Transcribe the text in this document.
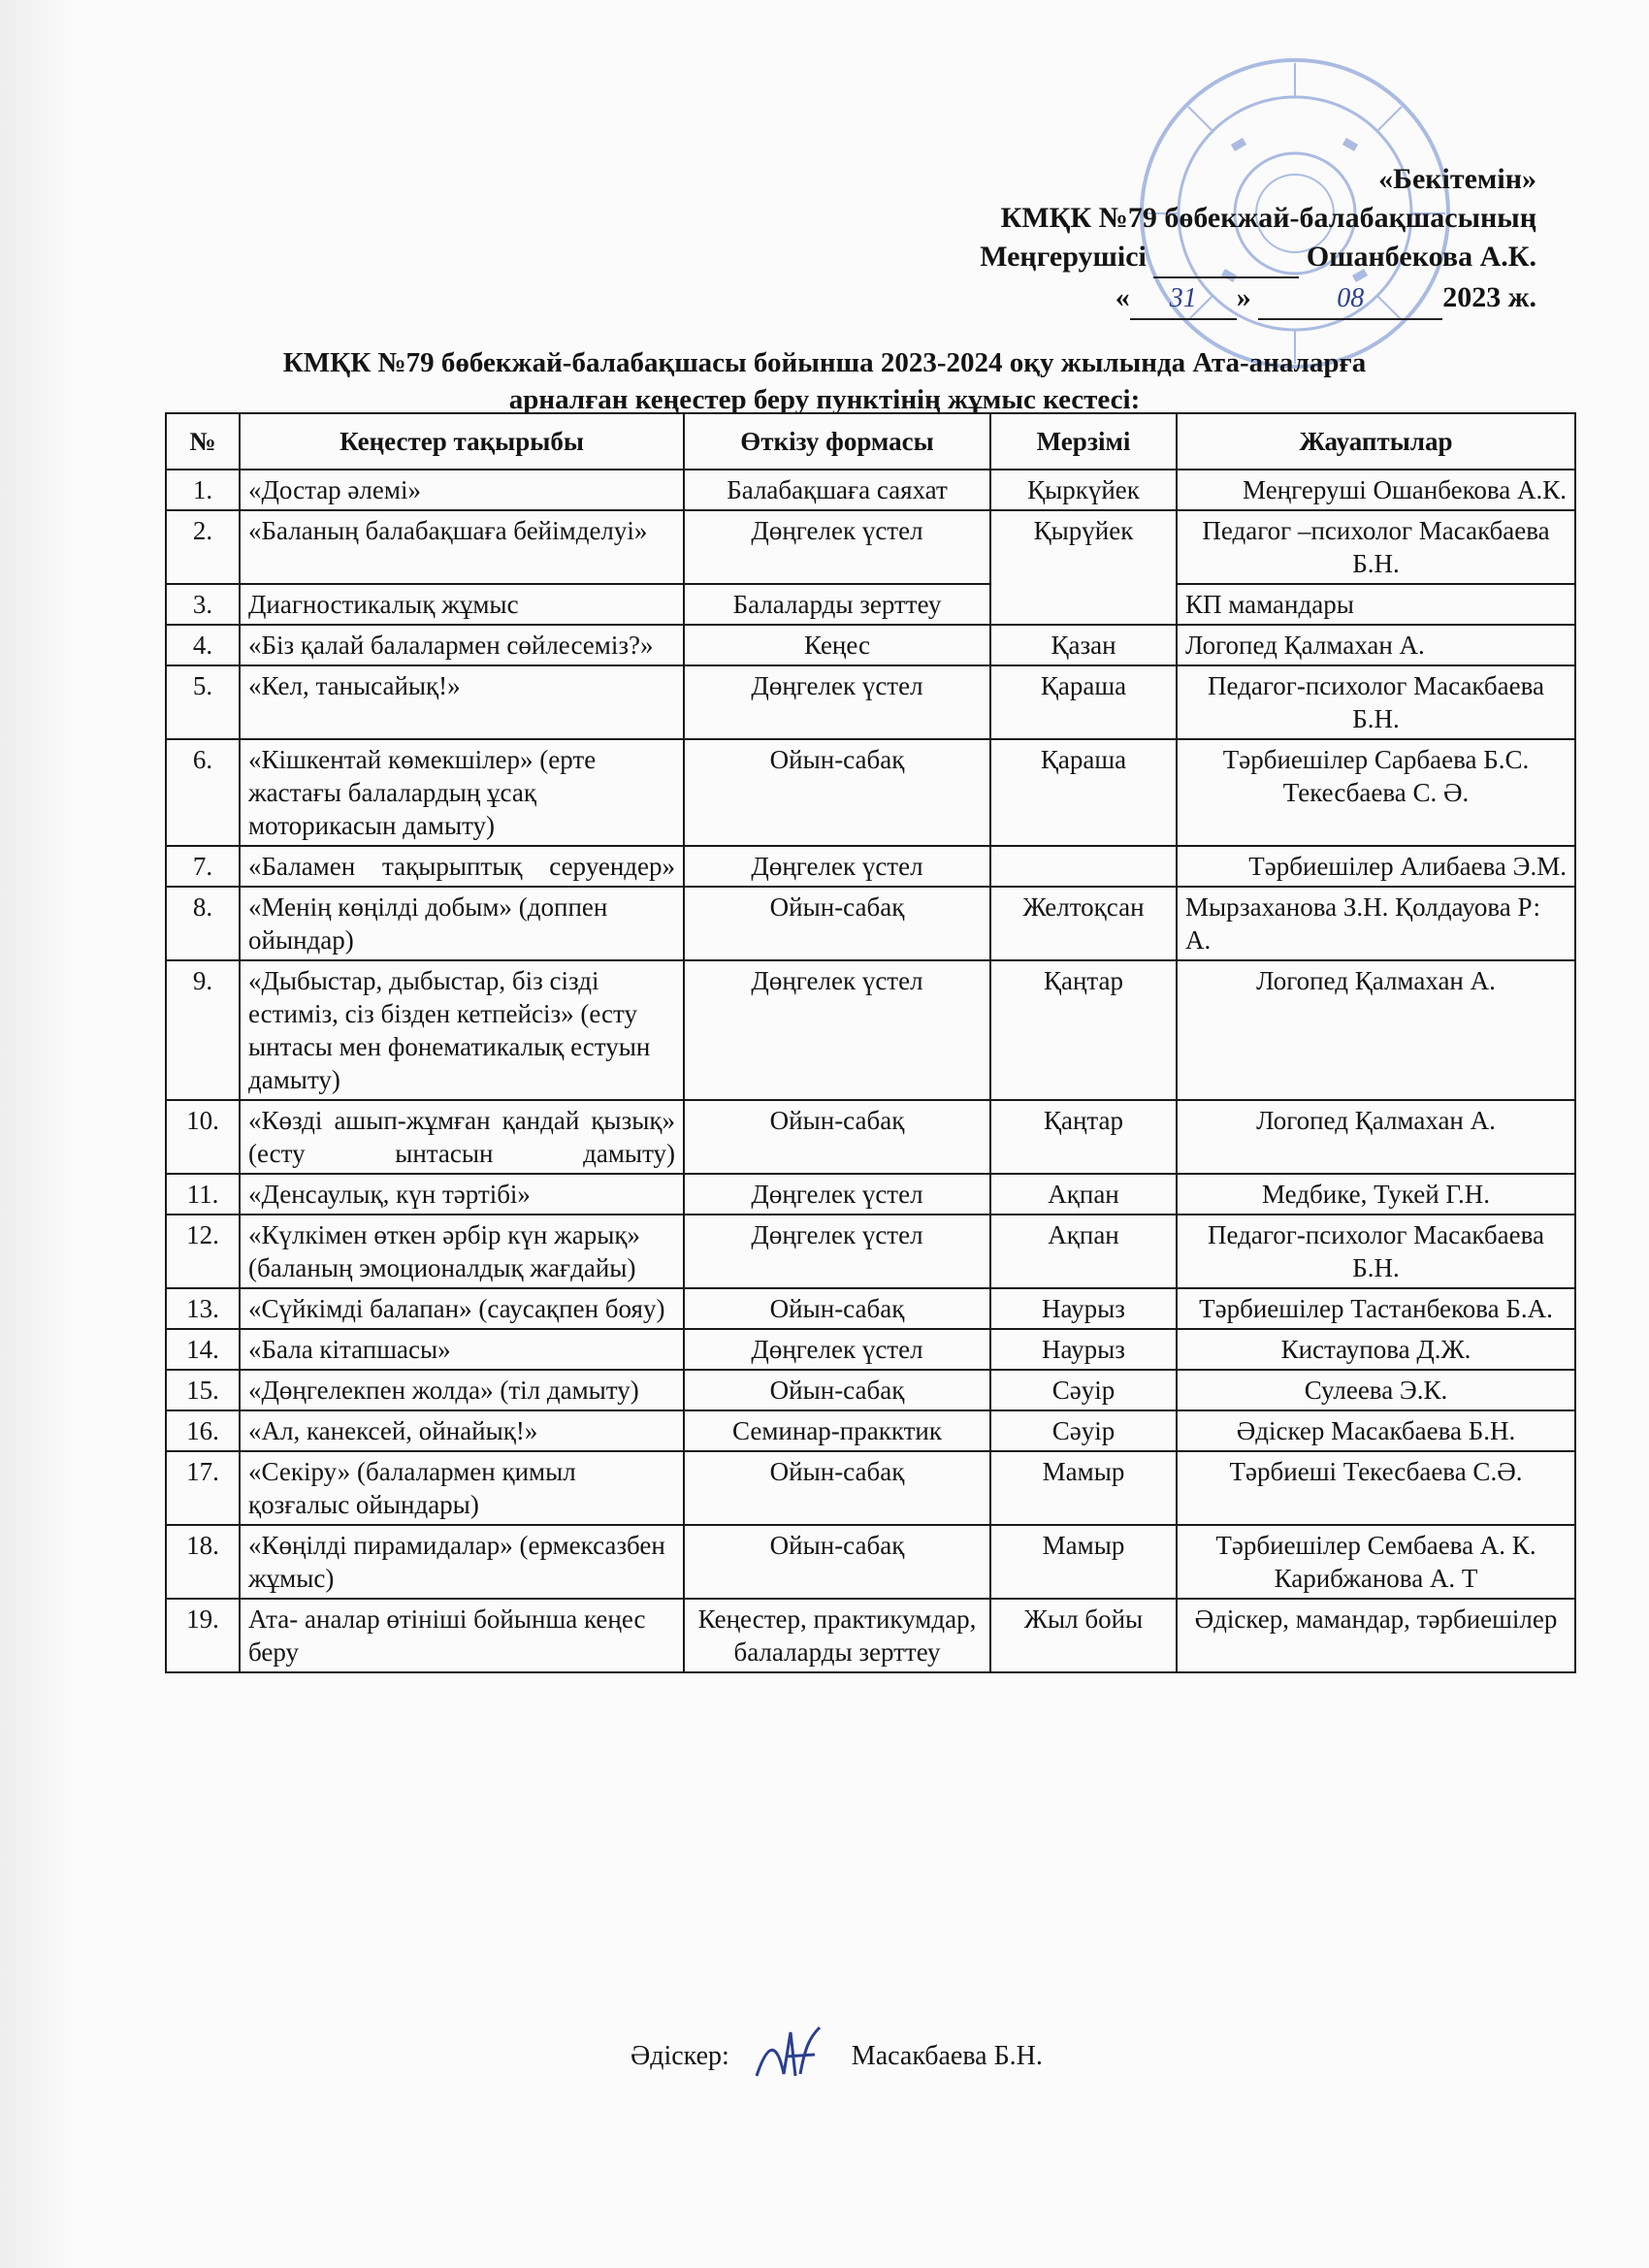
«Бекітемін»
КМҚК №79 бөбекжай-балабақшасының
Меңгерушісі	Ошанбекова А.К.
« 31 »	08	2023 ж.
КМҚК №79 бөбекжай-балабақшасы бойынша 2023-2024 оқу жылында Ата-аналарға
арналған кеңестер беру пунктінің жұмыс кестесі:
№	Кеңестер тақырыбы	Өткізу формасы	Мерзімі	Жауаптылар
1.	«Достар әлемі»	Балабақшаға саяхат	Қыркүйек	Меңгеруші Ошанбекова А.К.
2.	«Баланың балабақшаға бейімделуі»	Дөңгелек үстел	Қырүйек	Педагог –психолог Масакбаева Б.Н.
3.	Диагностикалық жұмыс	Балаларды зерттеу		КП мамандары
4.	«Біз қалай балалармен сөйлесеміз?»	Кеңес	Қазан	Логопед Қалмахан А.
5.	«Кел, танысайық!»	Дөңгелек үстел	Қараша	Педагог-психолог Масакбаева Б.Н.
6.	«Кішкентай көмекшілер» (ерте жастағы балалардың ұсақ моторикасын дамыту)	Ойын-сабақ	Қараша	Тәрбиешілер Сарбаева Б.С. Текесбаева С. Ә.
7.	«Баламен тақырыптық серуендер»	Дөңгелек үстел		Тәрбиешілер Алибаева Э.М.
8.	«Менің көңілді добым» (доппен ойындар)	Ойын-сабақ	Желтоқсан	Мырзаханова З.Н. Қолдауова Р: А.
9.	«Дыбыстар, дыбыстар, біз сізді естиміз, сіз бізден кетпейсіз» (есту ынтасы мен фонематикалық естуын дамыту)	Дөңгелек үстел	Қаңтар	Логопед Қалмахан А.
10.	«Көзді ашып-жұмған қандай қызық» (есту ынтасын дамыту)	Ойын-сабақ	Қаңтар	Логопед Қалмахан А.
11.	«Денсаулық, күн тәртібі»	Дөңгелек үстел	Ақпан	Медбике, Тукей Г.Н.
12.	«Күлкімен өткен әрбір күн жарық» (баланың эмоционалдық жағдайы)	Дөңгелек үстел	Ақпан	Педагог-психолог Масакбаева Б.Н.
13.	«Сүйкімді балапан» (саусақпен бояу)	Ойын-сабақ	Наурыз	Тәрбиешілер Тастанбекова Б.А.
14.	«Бала кітапшасы»	Дөңгелек үстел	Наурыз	Кистаупова Д.Ж.
15.	«Дөңгелекпен жолда» (тіл дамыту)	Ойын-сабақ	Сәуір	Сулеева Э.К.
16.	«Ал, канексей, ойнайық!»	Семинар-пракктик	Сәуір	Әдіскер Масакбаева Б.Н.
17.	«Секіру» (балалармен қимыл қозғалыс ойындары)	Ойын-сабақ	Мамыр	Тәрбиеші Текесбаева С.Ә.
18.	«Көңілді пирамидалар» (ермексазбен жұмыс)	Ойын-сабақ	Мамыр	Тәрбиешілер Сембаева А. К. Карибжанова А. Т
19.	Ата- аналар өтініші бойынша кеңес беру	Кеңестер, практикумдар, балаларды зерттеу	Жыл бойы	Әдіскер, мамандар, тәрбиешілер
Әдіскер:	Масакбаева Б.Н.
